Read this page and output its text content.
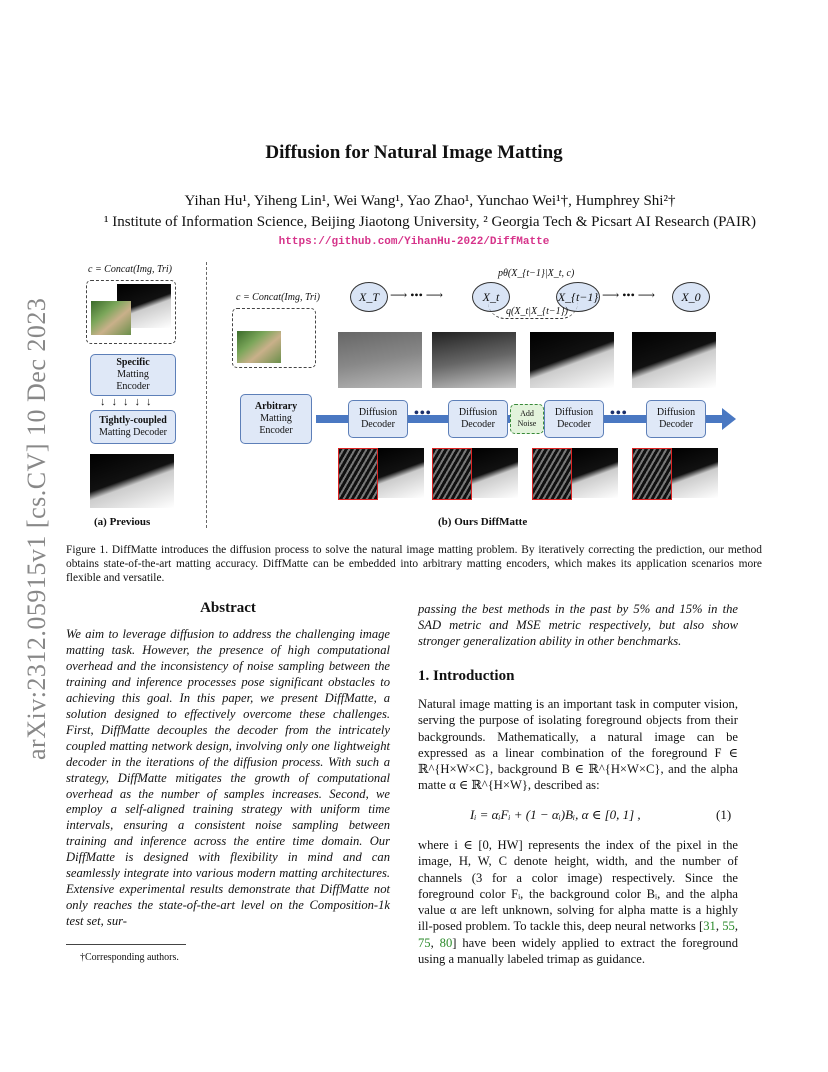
arXiv:2312.05915v1 [cs.CV] 10 Dec 2023
Diffusion for Natural Image Matting
Yihan Hu¹, Yiheng Lin¹, Wei Wang¹, Yao Zhao¹, Yunchao Wei¹†, Humphrey Shi²†
¹ Institute of Information Science, Beijing Jiaotong University, ² Georgia Tech & Picsart AI Research (PAIR)
https://github.com/YihanHu-2022/DiffMatte
c = Concat(Img, Tri)
Specific
Matting
Encoder
↓↓↓↓↓
Tightly-coupled
Matting Decoder
(a) Previous
c = Concat(Img, Tri)
Arbitrary
Matting
Encoder
X_T ⟶ ••• ⟶	X_t	X_{t−1} ⟶ ••• ⟶	X_0
pθ(X_{t−1}|X_t, c)
q(X_t|X_{t−1})
Diffusion
Decoder
•••	Diffusion
Decoder
Add
Noise
Diffusion
Decoder
•••	Diffusion
Decoder
(b) Ours DiffMatte
Figure 1. DiffMatte introduces the diffusion process to solve the natural image matting problem. By iteratively correcting the prediction, our method obtains state-of-the-art matting accuracy. DiffMatte can be embedded into arbitrary matting encoders, which makes its application scenarios more flexible and versatile.
Abstract
We aim to leverage diffusion to address the challenging image matting task. However, the presence of high computational overhead and the inconsistency of noise sampling between the training and inference processes pose significant obstacles to achieving this goal. In this paper, we present DiffMatte, a solution designed to effectively overcome these challenges. First, DiffMatte decouples the decoder from the intricately coupled matting network design, involving only one lightweight decoder in the iterations of the diffusion process. With such a strategy, DiffMatte mitigates the growth of computational overhead as the number of samples increases. Second, we employ a self-aligned training strategy with uniform time intervals, ensuring a consistent noise sampling between training and inference across the entire time domain. Our DiffMatte is designed with flexibility in mind and can seamlessly integrate into various modern matting architectures. Extensive experimental results demonstrate that DiffMatte not only reaches the state-of-the-art level on the Composition-1k test set, sur-
†Corresponding authors.
passing the best methods in the past by 5% and 15% in the SAD metric and MSE metric respectively, but also show stronger generalization ability in other benchmarks.
1. Introduction
Natural image matting is an important task in computer vision, serving the purpose of isolating foreground objects from their backgrounds. Mathematically, a natural image can be expressed as a linear combination of the foreground F ∈ ℝ^{H×W×C}, background B ∈ ℝ^{H×W×C}, and the alpha matte α ∈ ℝ^{H×W}, described as:
Iᵢ = αᵢFᵢ + (1 − αᵢ)Bᵢ, α ∈ [0, 1] ,	(1)
where i ∈ [0, HW] represents the index of the pixel in the image, H, W, C denote height, width, and the number of channels (3 for a color image) respectively. Since the foreground color Fᵢ, the background color Bᵢ, and the alpha value α are left unknown, solving for alpha matte is a highly ill-posed problem. To tackle this, deep neural networks [31, 55, 75, 80] have been widely applied to extract the foreground using a manually labeled trimap as guidance.
